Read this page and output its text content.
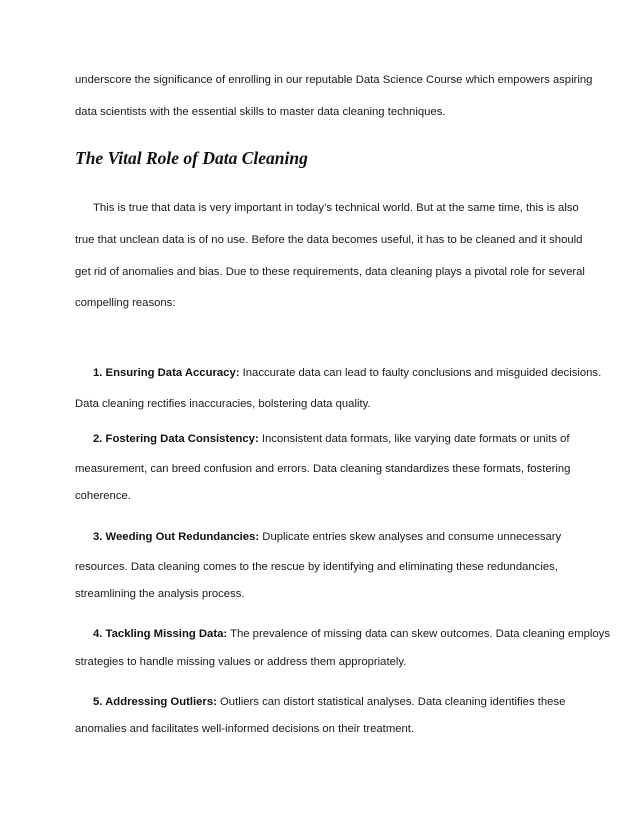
underscore the significance of enrolling in our reputable Data Science Course which empowers aspiring
data scientists with the essential skills to master data cleaning techniques.
The Vital Role of Data Cleaning
This is true that data is very important in today’s technical world. But at the same time, this is also
true that unclean data is of no use. Before the data becomes useful, it has to be cleaned and it should
get rid of anomalies and bias. Due to these requirements, data cleaning plays a pivotal role for several
compelling reasons:
1. Ensuring Data Accuracy: Inaccurate data can lead to faulty conclusions and misguided decisions.
Data cleaning rectifies inaccuracies, bolstering data quality.
2. Fostering Data Consistency: Inconsistent data formats, like varying date formats or units of
measurement, can breed confusion and errors. Data cleaning standardizes these formats, fostering
coherence.
3. Weeding Out Redundancies: Duplicate entries skew analyses and consume unnecessary
resources. Data cleaning comes to the rescue by identifying and eliminating these redundancies,
streamlining the analysis process.
4. Tackling Missing Data: The prevalence of missing data can skew outcomes. Data cleaning employs
strategies to handle missing values or address them appropriately.
5. Addressing Outliers: Outliers can distort statistical analyses. Data cleaning identifies these
anomalies and facilitates well-informed decisions on their treatment.
